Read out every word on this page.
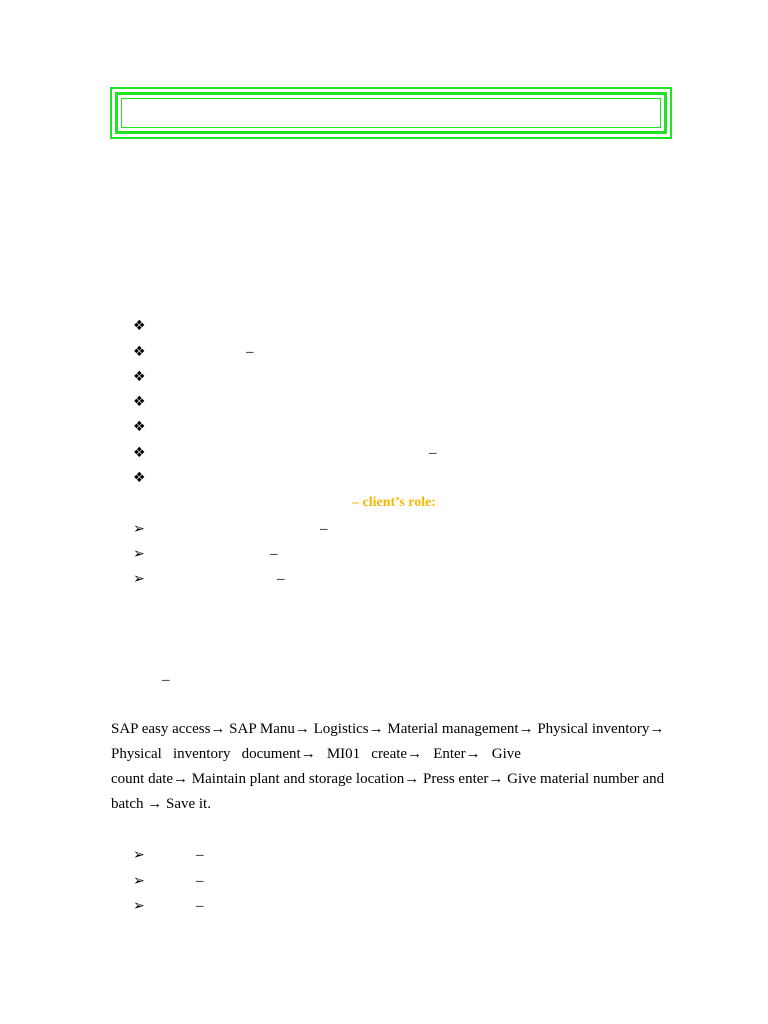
❖
❖	–
❖
❖
❖
❖	–
❖
– client’s role:
➢	–
➢	–
➢	–
–
SAP easy access→ SAP Manu→ Logistics→ Material management→ Physical inventory→
Physical inventory document→ MI01 create→ Enter→ Give
count date→ Maintain plant and storage location→ Press enter→ Give material number and
batch → Save it.
➢	–
➢	–
➢	–
